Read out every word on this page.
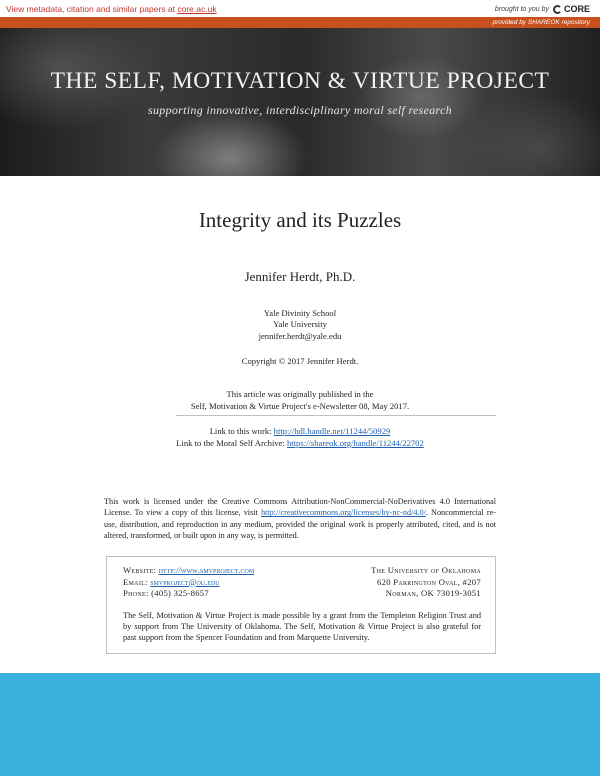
View metadata, citation and similar papers at core.ac.uk	brought to you by CORE
provided by SHAREOK repository
THE SELF, MOTIVATION & VIRTUE PROJECT
supporting innovative, interdisciplinary moral self research
Integrity and its Puzzles
Jennifer Herdt, Ph.D.
Yale Divinity School
Yale University
jennifer.herdt@yale.edu
Copyright © 2017 Jennifer Herdt.
This article was originally published in the
Self, Motivation & Virtue Project's e-Newsletter 08, May 2017.
Link to this work: http://hdl.handle.net/11244/50929
Link to the Moral Self Archive: https://shareok.org/handle/11244/22702
This work is licensed under the Creative Commons Attribution-NonCommercial-NoDerivatives 4.0 International License. To view a copy of this license, visit http://creativecommons.org/licenses/by-nc-nd/4.0/. Noncommercial re-use, distribution, and reproduction in any medium, provided the original work is properly attributed, cited, and is not altered, transformed, or built upon in any way, is permitted.
Website: http://www.smvproject.com	The University of Oklahoma
Email: smvproject@ou.edu	620 Parrington Oval, #207
Phone: (405) 325-8657	Norman, OK 73019-3051
The Self, Motivation & Virtue Project is made possible by a grant from the Templeton Religion Trust and by support from The University of Oklahoma. The Self, Motivation & Virtue Project is also grateful for past support from the Spencer Foundation and from Marquette University.
